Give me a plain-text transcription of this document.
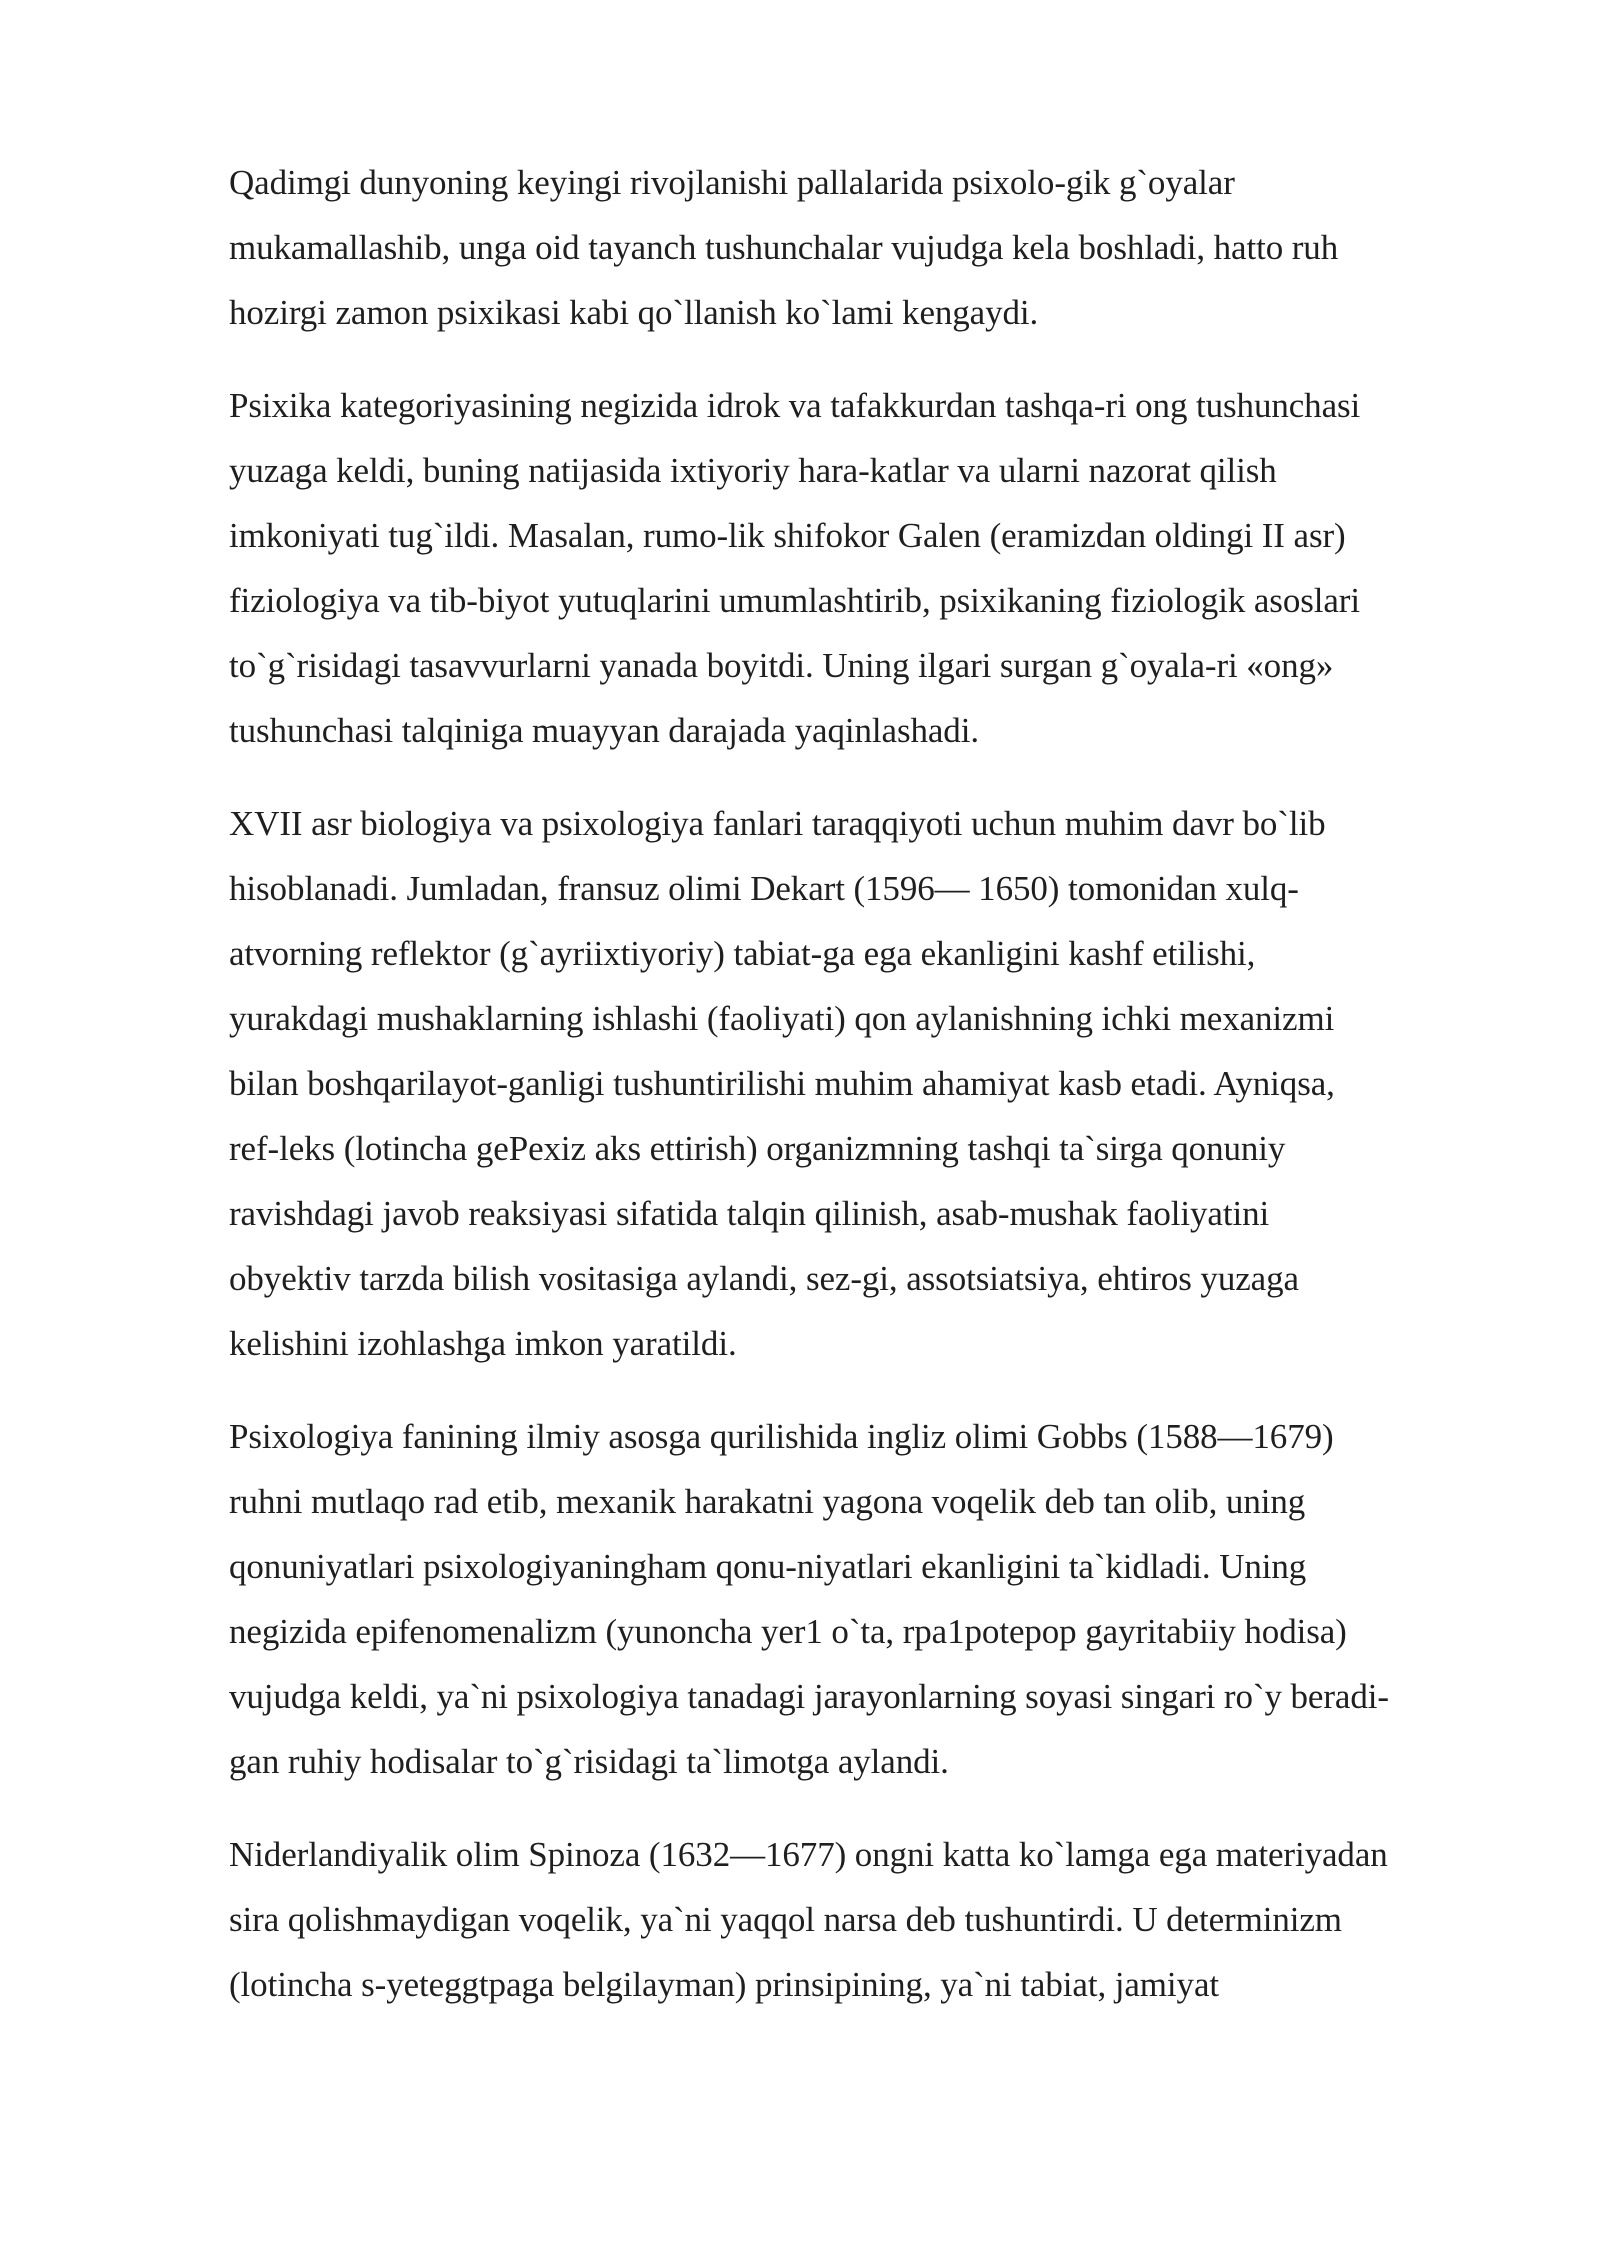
Qadimgi dunyoning keyingi rivojlanishi pallalarida psixolo-gik g`oyalar
mukamallashib, unga oid tayanch tushunchalar vujudga kela boshladi, hatto ruh
hozirgi zamon psixikasi kabi qo`llanish ko`lami kengaydi.

Psixika kategoriyasining negizida idrok va tafakkurdan tashqa-ri ong tushunchasi
yuzaga keldi, buning natijasida ixtiyoriy hara-katlar va ularni nazorat qilish
imkoniyati tug`ildi. Masalan, rumo-lik shifokor Galen (eramizdan oldingi II asr)
fiziologiya va tib-biyot yutuqlarini umumlashtirib, psixikaning fiziologik asoslari
to`g`risidagi tasavvurlarni yanada boyitdi. Uning ilgari surgan g`oyala-ri «ong»
tushunchasi talqiniga muayyan darajada yaqinlashadi.

XVII asr biologiya va psixologiya fanlari taraqqiyoti uchun muhim davr bo`lib
hisoblanadi. Jumladan, fransuz olimi Dekart (1596— 1650) tomonidan xulq-
atvorning reflektor (g`ayriixtiyoriy) tabiat-ga ega ekanligini kashf etilishi,
yurakdagi mushaklarning ishlashi (faoliyati) qon aylanishning ichki mexanizmi
bilan boshqarilayot-ganligi tushuntirilishi muhim ahamiyat kasb etadi. Ayniqsa,
ref-leks (lotincha gePexiz aks ettirish) organizmning tashqi ta`sirga qonuniy
ravishdagi javob reaksiyasi sifatida talqin qilinish, asab-mushak faoliyatini
obyektiv tarzda bilish vositasiga aylandi, sez-gi, assotsiatsiya, ehtiros yuzaga
kelishini izohlashga imkon yaratildi.

Psixologiya fanining ilmiy asosga qurilishida ingliz olimi Gobbs (1588—1679)
ruhni mutlaqo rad etib, mexanik harakatni yagona voqelik deb tan olib, uning
qonuniyatlari psixologiyaningham qonu-niyatlari ekanligini ta`kidladi. Uning
negizida epifenomenalizm (yunoncha yer1 o`ta, rpa1potepop gayritabiiy hodisa)
vujudga keldi, ya`ni psixologiya tanadagi jarayonlarning soyasi singari ro`y beradi-
gan ruhiy hodisalar to`g`risidagi ta`limotga aylandi.

Niderlandiyalik olim Spinoza (1632—1677) ongni katta ko`lamga ega materiyadan
sira qolishmaydigan voqelik, ya`ni yaqqol narsa deb tushuntirdi. U determinizm
(lotincha s-yeteggtpaga belgilayman) prinsipining, ya`ni tabiat, jamiyat
